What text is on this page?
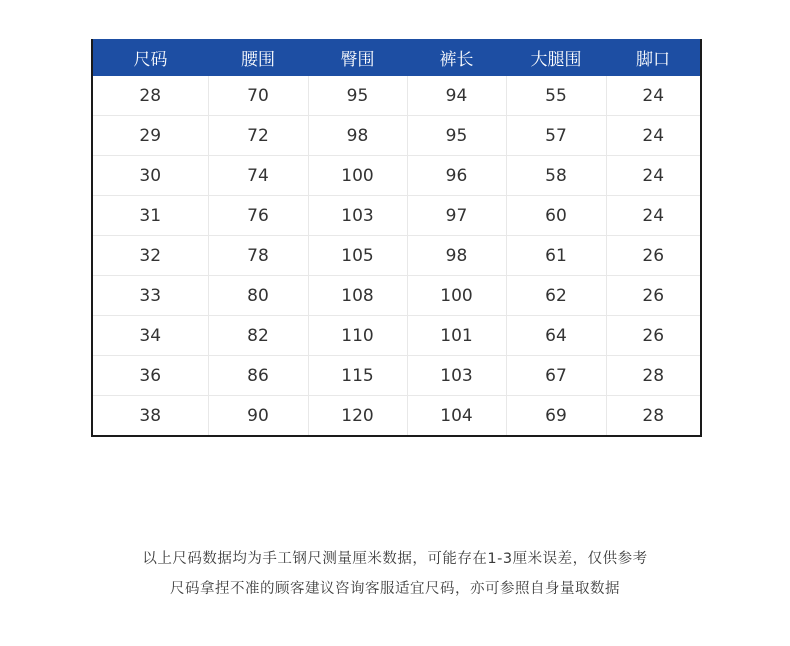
尺码	腰围	臀围	裤长	大腿围	脚口
28	70	95	94	55	24
29	72	98	95	57	24
30	74	100	96	58	24
31	76	103	97	60	24
32	78	105	98	61	26
33	80	108	100	62	26
34	82	110	101	64	26
36	86	115	103	67	28
38	90	120	104	69	28
以上尺码数据均为手工钢尺测量厘米数据，可能存在1-3厘米误差，仅供参考
尺码拿捏不准的顾客建议咨询客服适宜尺码，亦可参照自身量取数据
